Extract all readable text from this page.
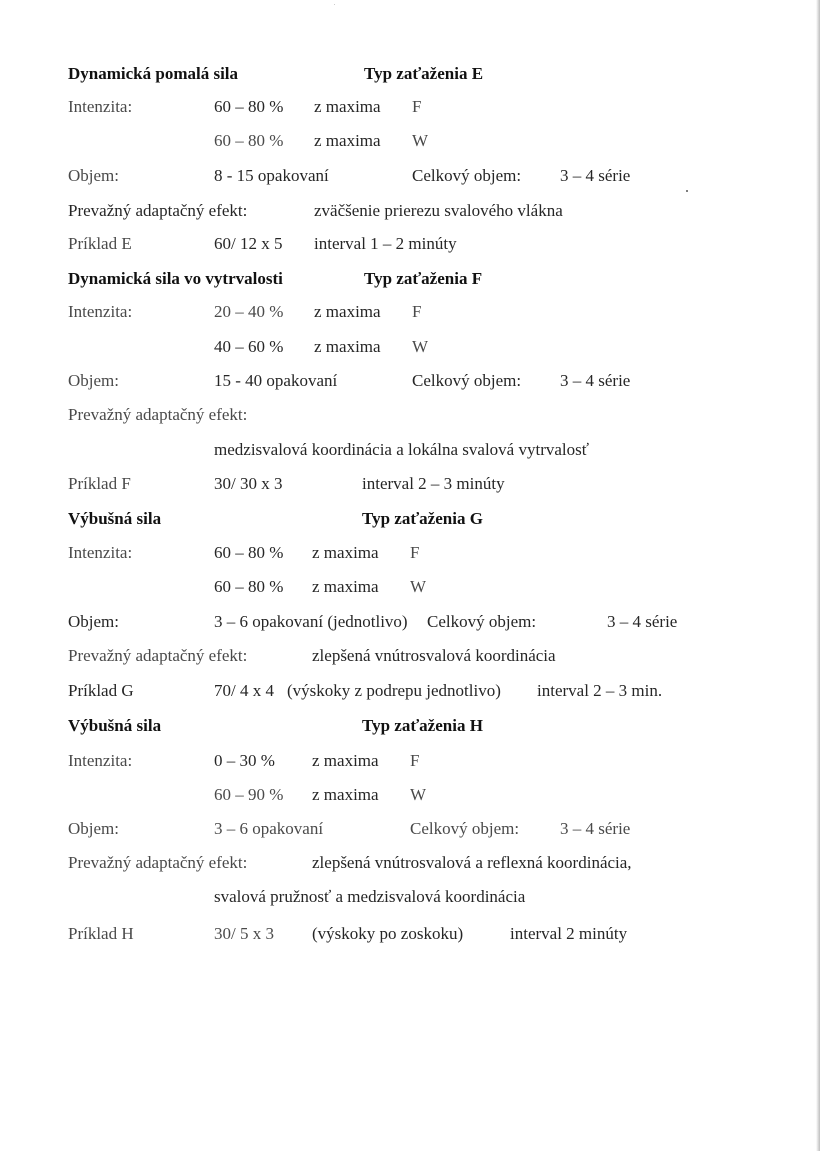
Dynamická pomalá sila	Typ zaťaženia E
Intenzita:	60 – 80 % z maxima F
60 – 80 % z maxima W
Objem:	8 - 15 opakovaní	Celkový objem: 3 – 4 série
Prevažný adaptačný efekt:	zväčšenie prierezu svalového vlákna
Príklad E	60/ 12 x 5 interval 1 – 2 minúty
Dynamická sila vo vytrvalosti	Typ zaťaženia F
Intenzita:	20 – 40 % z maxima F
40 – 60 % z maxima W
Objem:	15 - 40 opakovaní	Celkový objem: 3 – 4 série
Prevažný adaptačný efekt:
medzisvalová koordinácia a lokálna svalová vytrvalosť
Príklad F	30/ 30 x 3	interval 2 – 3 minúty
Výbušná sila	Typ zaťaženia G
Intenzita:	60 – 80 % z maxima F
60 – 80 % z maxima W
Objem:	3 – 6 opakovaní (jednotlivo) Celkový objem:	3 – 4 série
Prevažný adaptačný efekt:	zlepšená vnútrosvalová koordinácia
Príklad G	70/ 4 x 4 (výskoky z podrepu jednotlivo) interval 2 – 3 min.
Výbušná sila	Typ zaťaženia H
Intenzita:	0 – 30 % z maxima F
60 – 90 % z maxima W
Objem:	3 – 6 opakovaní	Celkový objem: 3 – 4 série
Prevažný adaptačný efekt:	zlepšená vnútrosvalová a reflexná koordinácia,
svalová pružnosť a medzisvalová koordinácia
Príklad H	30/ 5 x 3 (výskoky po zoskoku)	interval 2 minúty
